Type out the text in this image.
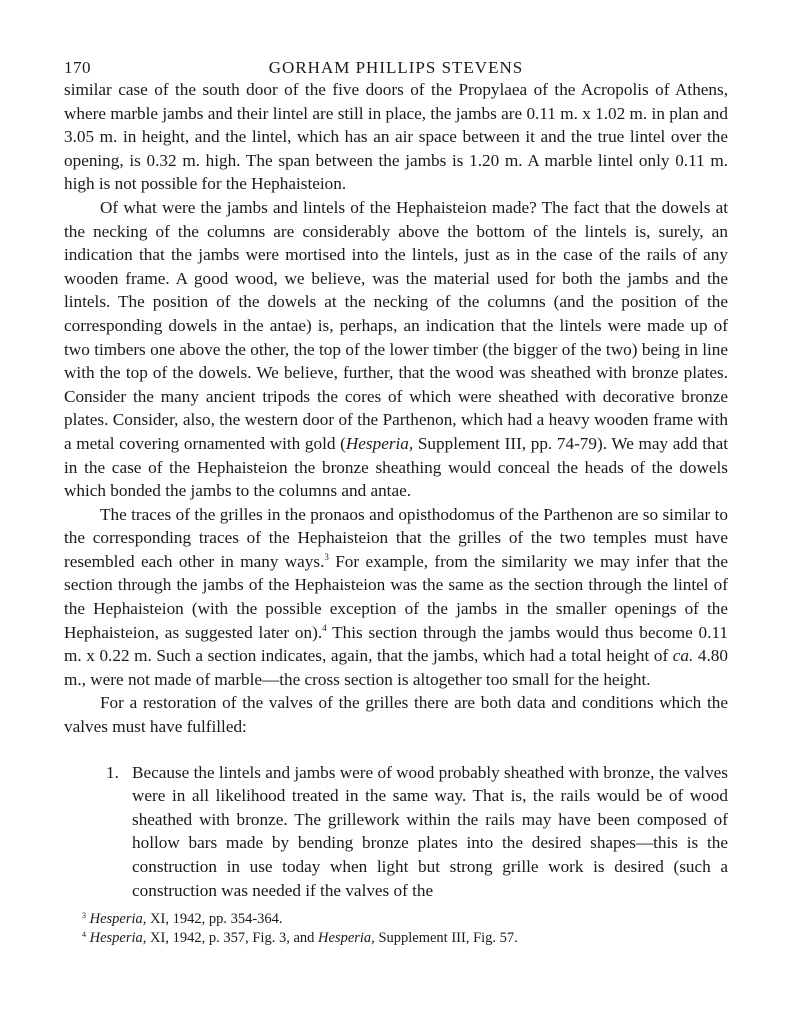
170	GORHAM PHILLIPS STEVENS

similar case of the south door of the five doors of the Propylaea of the Acropolis of Athens, where marble jambs and their lintel are still in place, the jambs are 0.11 m. x 1.02 m. in plan and 3.05 m. in height, and the lintel, which has an air space between it and the true lintel over the opening, is 0.32 m. high. The span between the jambs is 1.20 m. A marble lintel only 0.11 m. high is not possible for the Hephaisteion.

Of what were the jambs and lintels of the Hephaisteion made? The fact that the dowels at the necking of the columns are considerably above the bottom of the lintels is, surely, an indication that the jambs were mortised into the lintels, just as in the case of the rails of any wooden frame. A good wood, we believe, was the material used for both the jambs and the lintels. The position of the dowels at the necking of the columns (and the position of the corresponding dowels in the antae) is, perhaps, an indication that the lintels were made up of two timbers one above the other, the top of the lower timber (the bigger of the two) being in line with the top of the dowels. We believe, further, that the wood was sheathed with bronze plates. Consider the many ancient tripods the cores of which were sheathed with decorative bronze plates. Consider, also, the western door of the Parthenon, which had a heavy wooden frame with a metal covering ornamented with gold (Hesperia, Supplement III, pp. 74-79). We may add that in the case of the Hephaisteion the bronze sheathing would conceal the heads of the dowels which bonded the jambs to the columns and antae.

The traces of the grilles in the pronaos and opisthodomus of the Parthenon are so similar to the corresponding traces of the Hephaisteion that the grilles of the two temples must have resembled each other in many ways.$^3$ For example, from the similarity we may infer that the section through the jambs of the Hephaisteion was the same as the section through the lintel of the Hephaisteion (with the possible exception of the jambs in the smaller openings of the Hephaisteion, as suggested later on).$^4$ This section through the jambs would thus become 0.11 m. x 0.22 m. Such a section indicates, again, that the jambs, which had a total height of ca. 4.80 m., were not made of marble—the cross section is altogether too small for the height.

For a restoration of the valves of the grilles there are both data and conditions which the valves must have fulfilled:

1. Because the lintels and jambs were of wood probably sheathed with bronze, the valves were in all likelihood treated in the same way. That is, the rails would be of wood sheathed with bronze. The grillework within the rails may have been composed of hollow bars made by bending bronze plates into the desired shapes—this is the construction in use today when light but strong grille work is desired (such a construction was needed if the valves of the

$^3$ Hesperia, XI, 1942, pp. 354-364.
$^4$ Hesperia, XI, 1942, p. 357, Fig. 3, and Hesperia, Supplement III, Fig. 57.
